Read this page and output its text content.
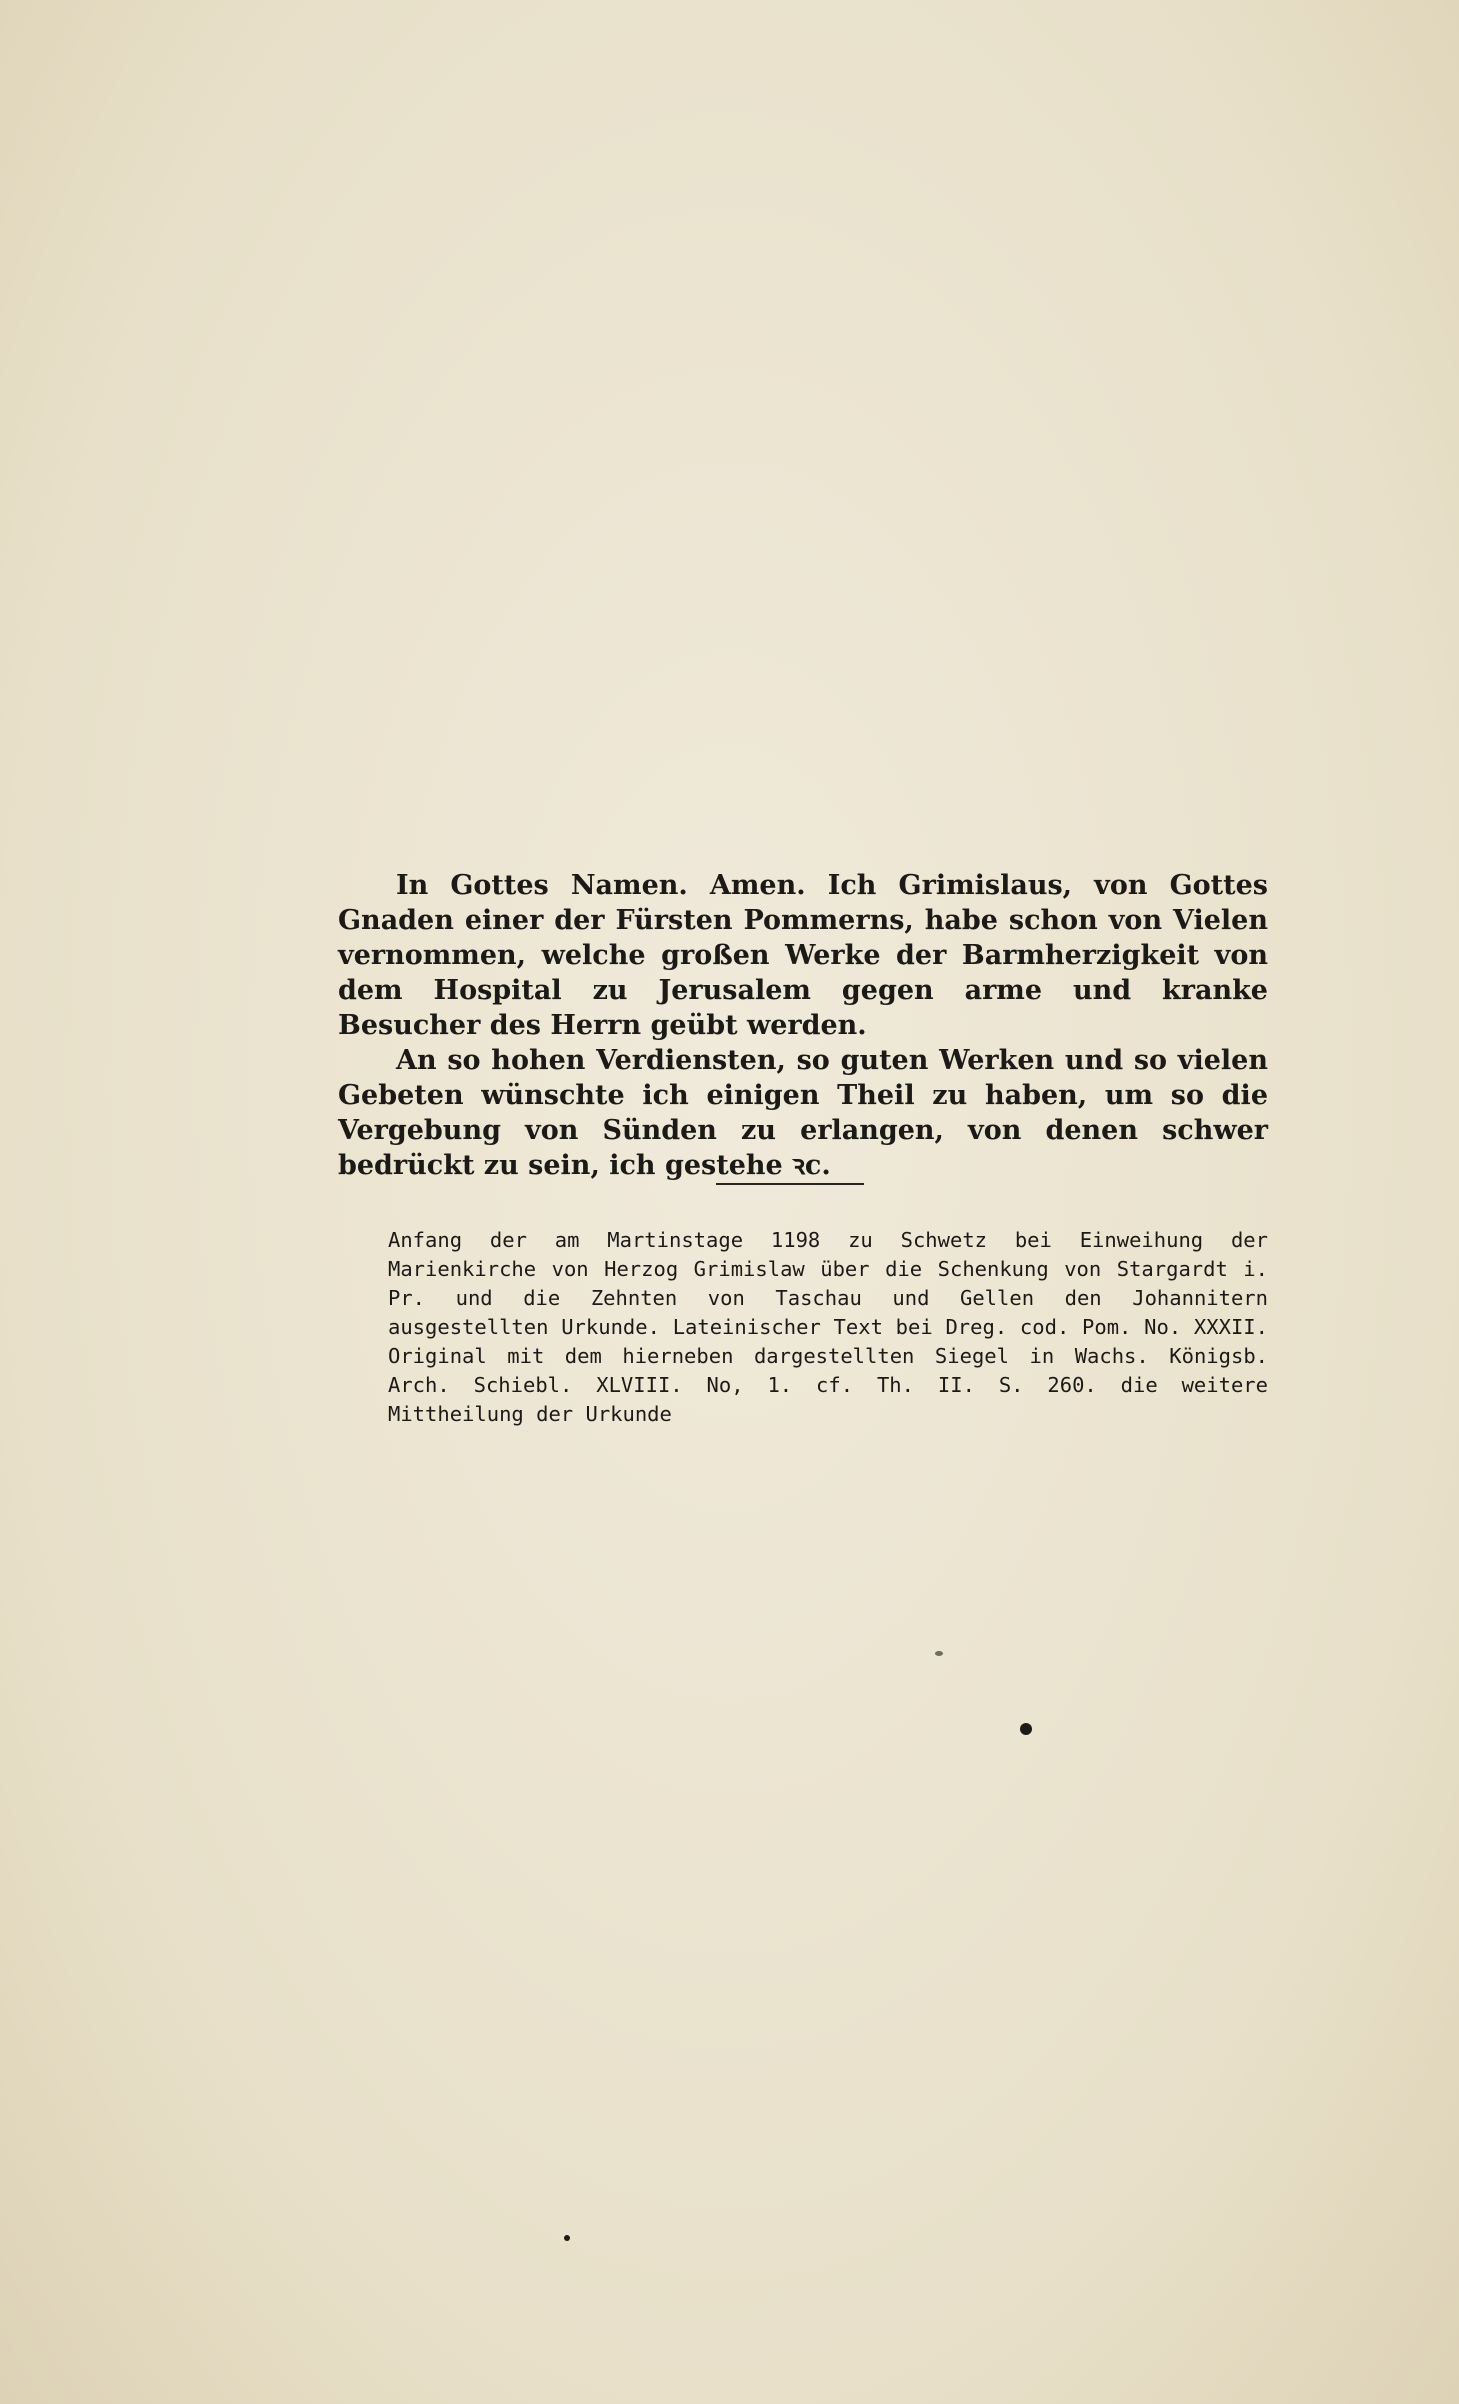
In Gottes Namen. Amen. Ich Grimislaus, von Gottes Gnaden einer der Fürsten Pommerns, habe schon von Vielen vernommen, welche großen Werke der Barmherzigkeit von dem Hospital zu Jerusalem gegen arme und kranke Besucher des Herrn geübt werden.

An so hohen Verdiensten, so guten Werken und so vielen Gebeten wünschte ich einigen Theil zu haben, um so die Vergebung von Sünden zu erlangen, von denen schwer bedrückt zu sein, ich gestehe ꝛc.

Anfang der am Martinstage 1198 zu Schwetz bei Einweihung der Marienkirche von Herzog Grimislaw über die Schenkung von Stargardt i. Pr. und die Zehnten von Taschau und Gellen den Johannitern ausgestellten Urkunde. Lateinischer Text bei Dreg. cod. Pom. No. XXXII. Original mit dem hierneben dargestellten Siegel in Wachs. Königsb. Arch. Schiebl. XLVIII. No, 1. cf. Th. II. S. 260. die weitere Mittheilung der Urkunde
